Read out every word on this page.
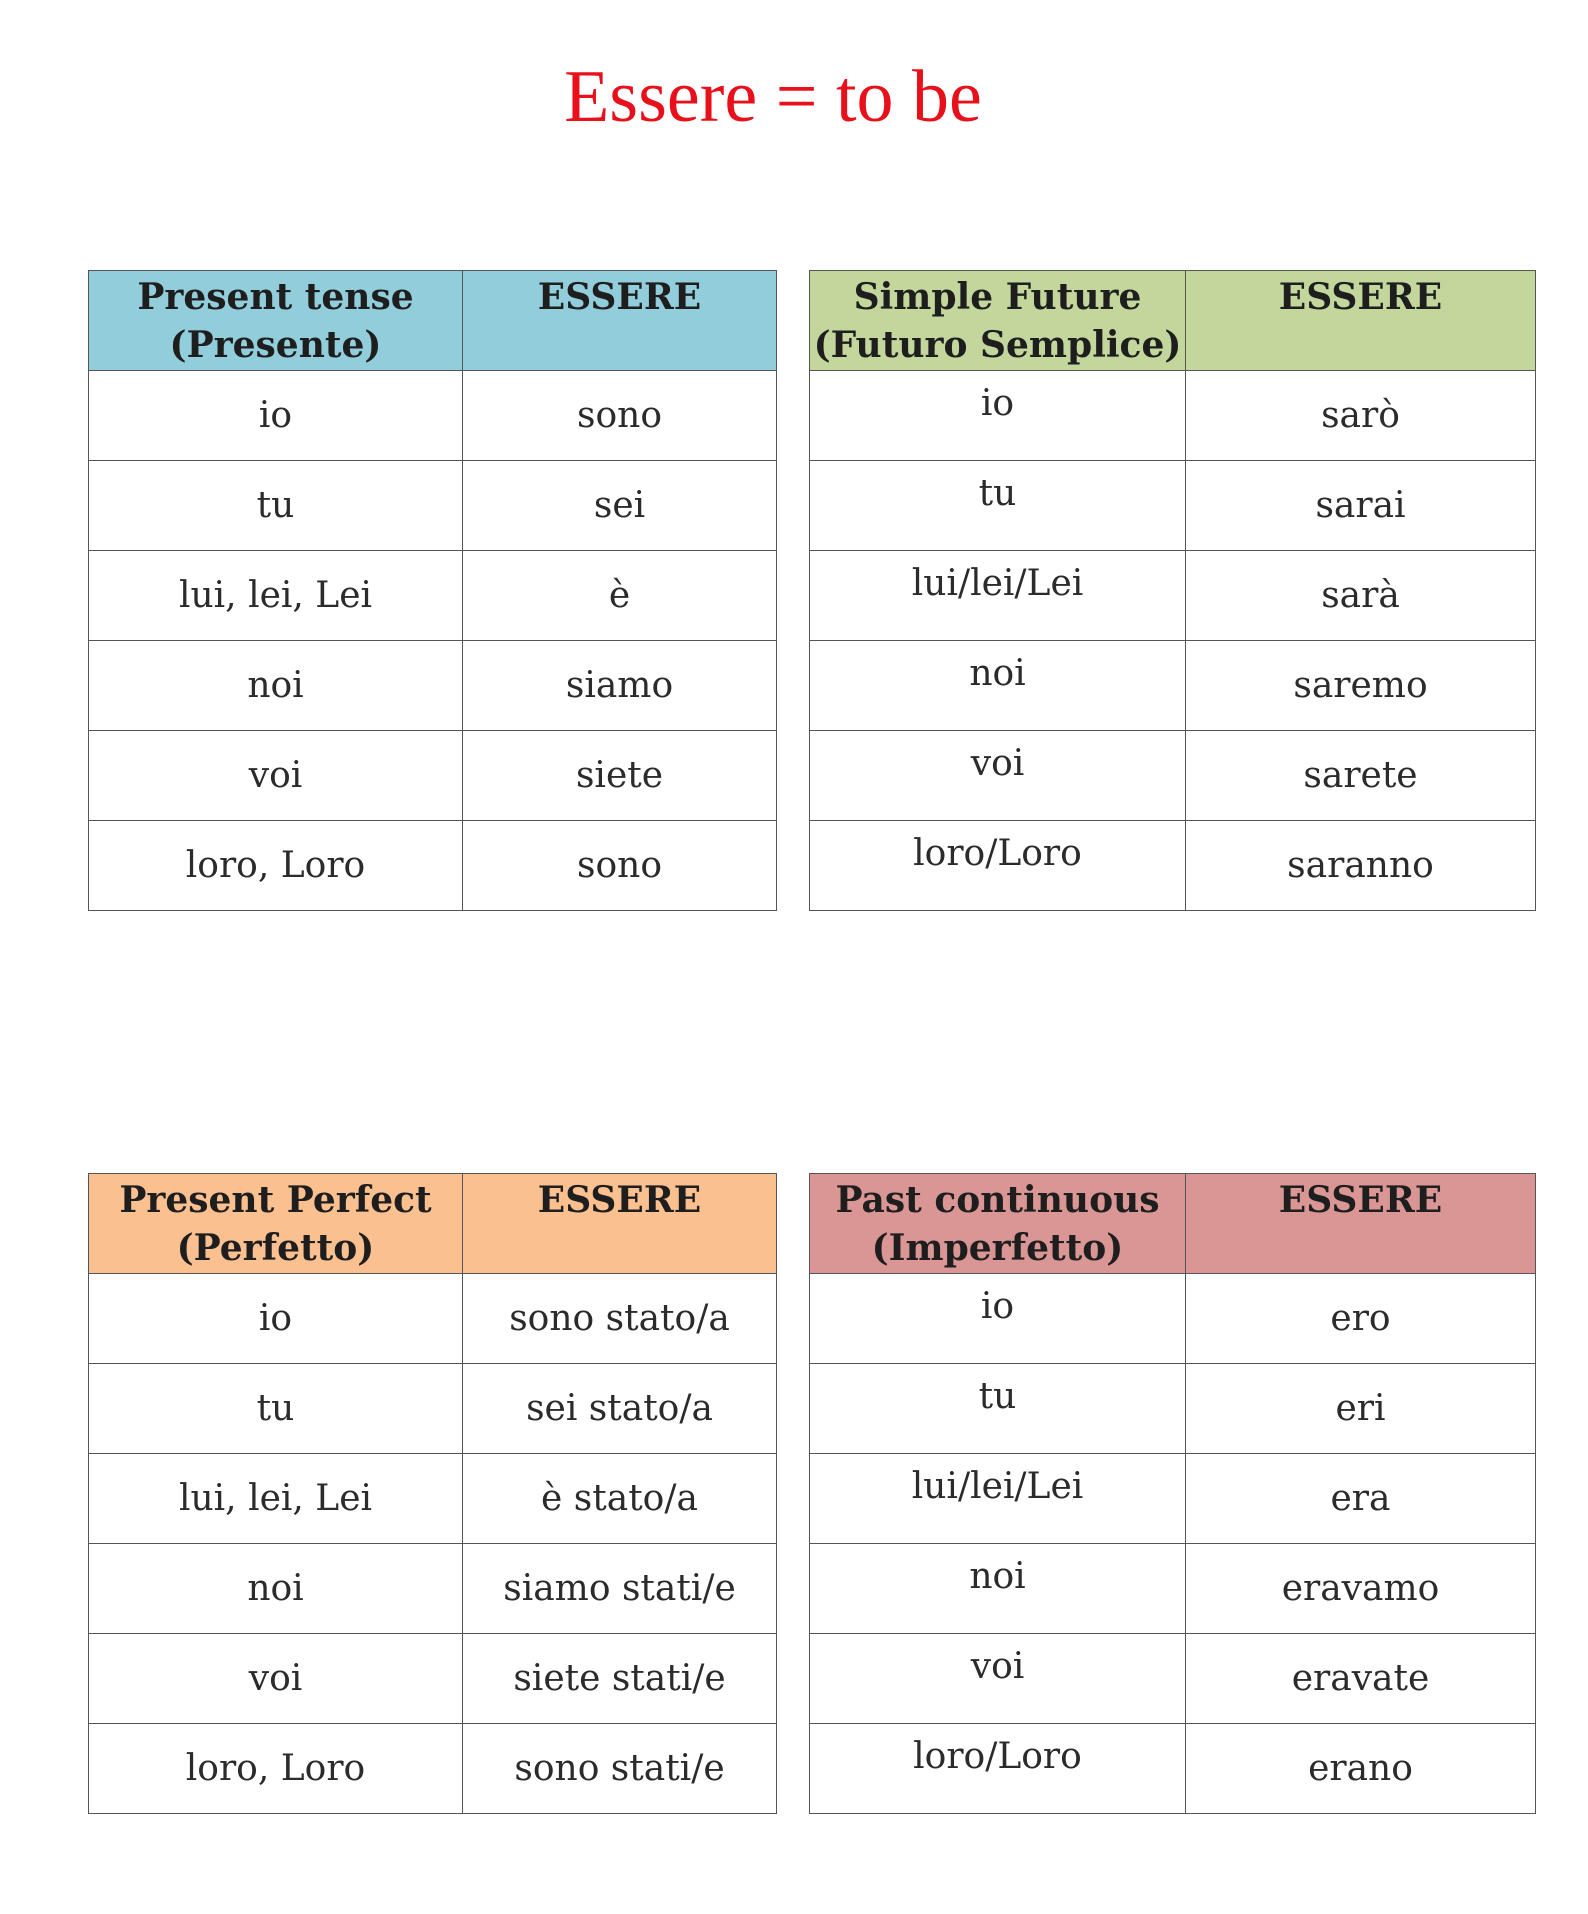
Essere = to be
Present tense
(Presente)	ESSERE
io	sono
tu	sei
lui, lei, Lei	è
noi	siamo
voi	siete
loro, Loro	sono
Simple Future
(Futuro Semplice)	ESSERE
io	sarò
tu	sarai
lui/lei/Lei	sarà
noi	saremo
voi	sarete
loro/Loro	saranno
Present Perfect
(Perfetto)	ESSERE
io	sono stato/a
tu	sei stato/a
lui, lei, Lei	è stato/a
noi	siamo stati/e
voi	siete stati/e
loro, Loro	sono stati/e
Past continuous
(Imperfetto)	ESSERE
io	ero
tu	eri
lui/lei/Lei	era
noi	eravamo
voi	eravate
loro/Loro	erano
